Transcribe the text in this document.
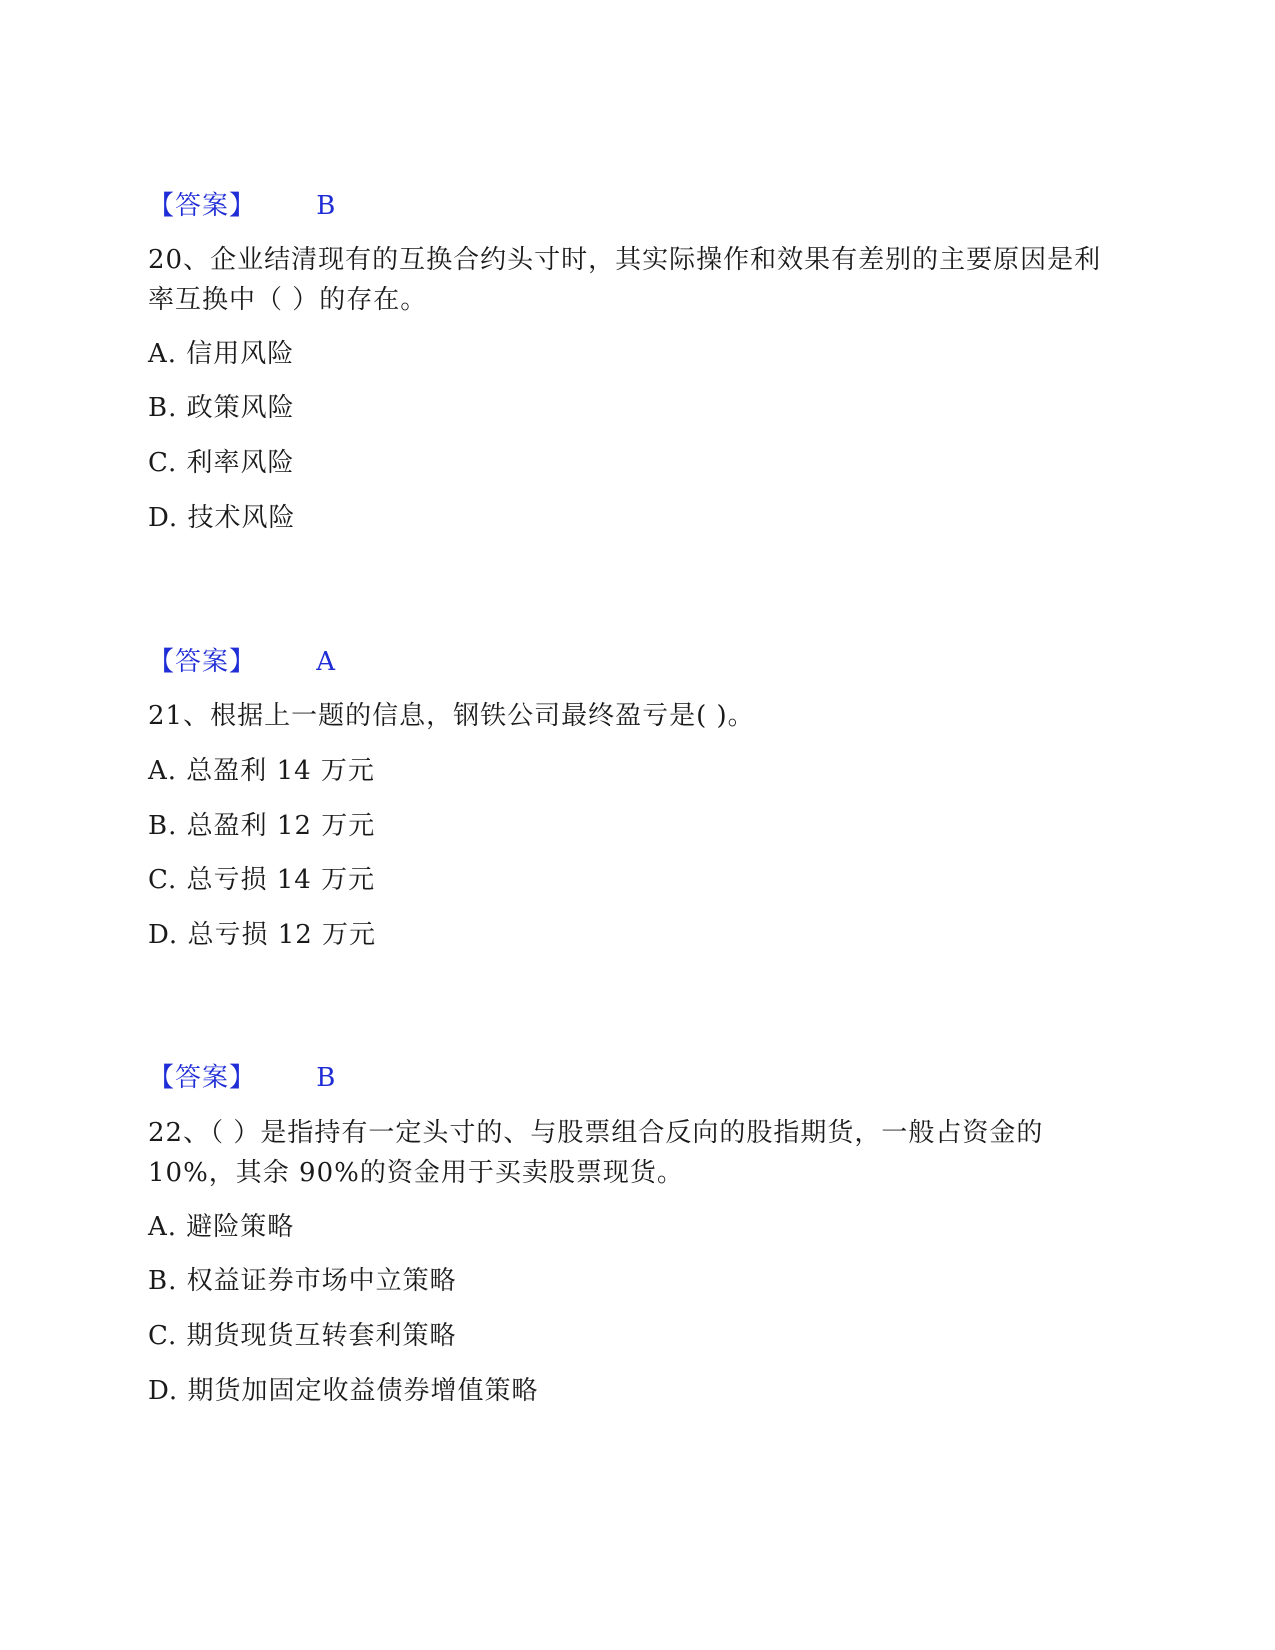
【答案】 B
20、企业结清现有的互换合约头寸时，其实际操作和效果有差别的主要原因是利率互换中（ ）的存在。
A. 信用风险
B. 政策风险
C. 利率风险
D. 技术风险
【答案】 A
21、根据上一题的信息，钢铁公司最终盈亏是( )。
A. 总盈利 14 万元
B. 总盈利 12 万元
C. 总亏损 14 万元
D. 总亏损 12 万元
【答案】 B
22、（ ）是指持有一定头寸的、与股票组合反向的股指期货，一般占资金的 10%，其余 90%的资金用于买卖股票现货。
A. 避险策略
B. 权益证券市场中立策略
C. 期货现货互转套利策略
D. 期货加固定收益债券增值策略
